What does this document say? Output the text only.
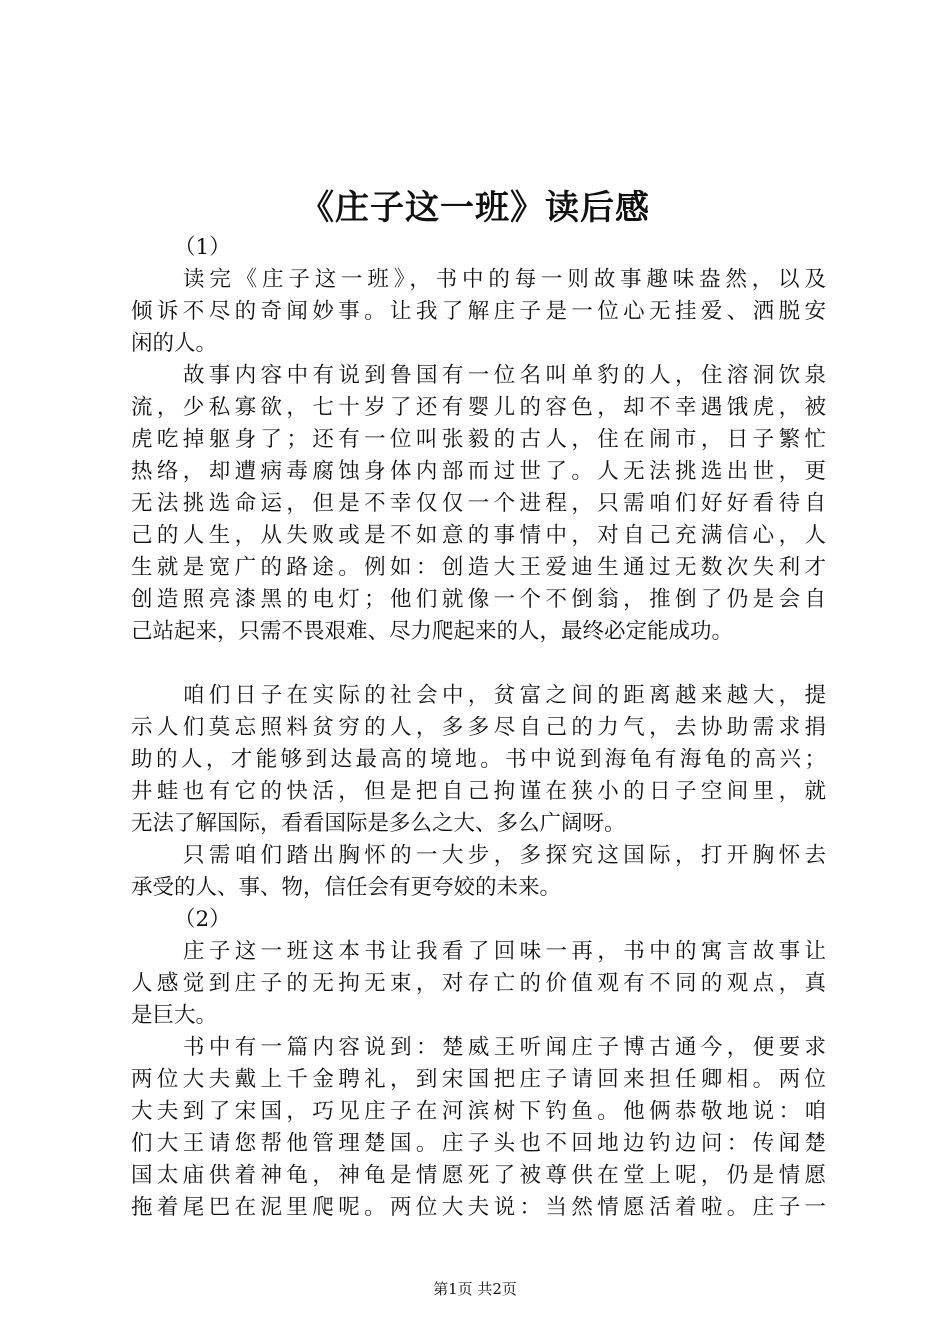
《庄子这一班》读后感
（1）
读完《庄子这一班》，书中的每一则故事趣味盎然，以及
倾诉不尽的奇闻妙事。让我了解庄子是一位心无挂爱、洒脱安
闲的人。
故事内容中有说到鲁国有一位名叫单豹的人，住溶洞饮泉
流，少私寡欲，七十岁了还有婴儿的容色，却不幸遇饿虎，被
虎吃掉躯身了；还有一位叫张毅的古人，住在闹市，日子繁忙
热络，却遭病毒腐蚀身体内部而过世了。人无法挑选出世，更
无法挑选命运，但是不幸仅仅一个进程，只需咱们好好看待自
己的人生，从失败或是不如意的事情中，对自己充满信心，人
生就是宽广的路途。例如：创造大王爱迪生通过无数次失利才
创造照亮漆黑的电灯；他们就像一个不倒翁，推倒了仍是会自
己站起来，只需不畏艰难、尽力爬起来的人，最终必定能成功。
咱们日子在实际的社会中，贫富之间的距离越来越大，提
示人们莫忘照料贫穷的人，多多尽自己的力气，去协助需求捐
助的人，才能够到达最高的境地。书中说到海龟有海龟的高兴；
井蛙也有它的快活，但是把自己拘谨在狭小的日子空间里，就
无法了解国际，看看国际是多么之大、多么广阔呀。
只需咱们踏出胸怀的一大步，多探究这国际，打开胸怀去
承受的人、事、物，信任会有更夸姣的未来。
（2）
庄子这一班这本书让我看了回味一再，书中的寓言故事让
人感觉到庄子的无拘无束，对存亡的价值观有不同的观点，真
是巨大。
书中有一篇内容说到：楚威王听闻庄子博古通今，便要求
两位大夫戴上千金聘礼，到宋国把庄子请回来担任卿相。两位
大夫到了宋国，巧见庄子在河滨树下钓鱼。他俩恭敬地说：咱
们大王请您帮他管理楚国。庄子头也不回地边钓边问：传闻楚
国太庙供着神龟，神龟是情愿死了被尊供在堂上呢，仍是情愿
拖着尾巴在泥里爬呢。两位大夫说：当然情愿活着啦。庄子一
第1页 共2页
